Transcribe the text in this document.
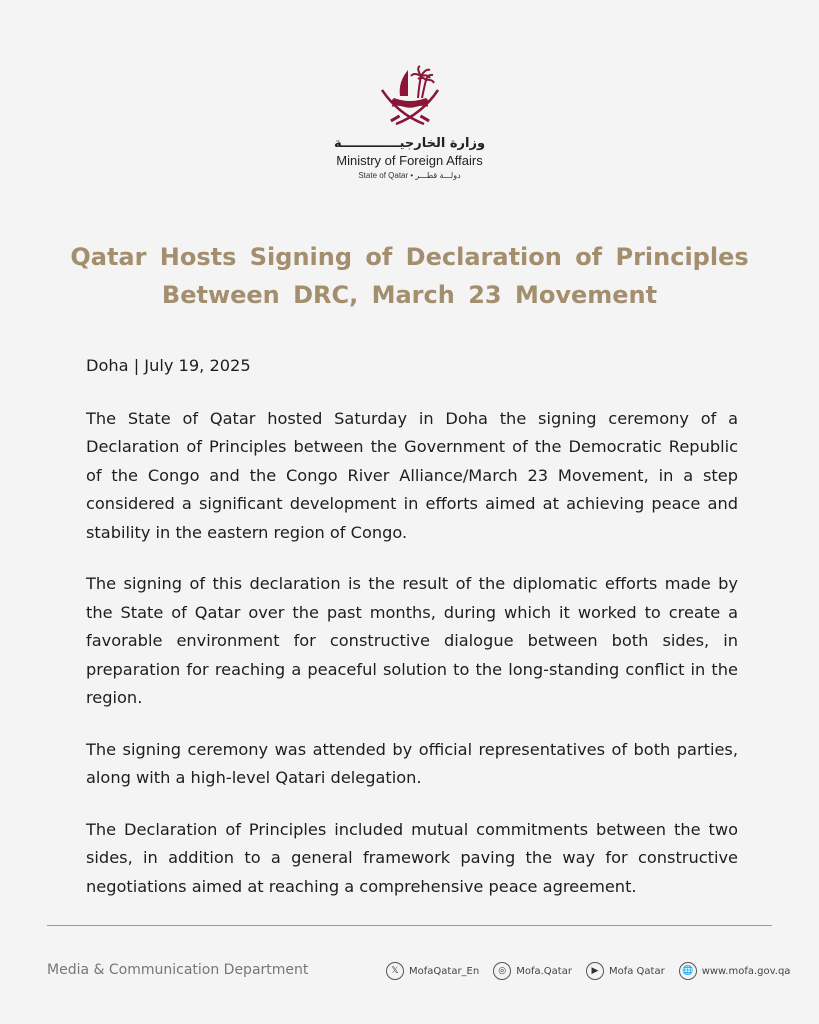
وزارة الخارجيـــــــــــــة
Ministry of Foreign Affairs
State of Qatar • دولـــة قطـــر
Qatar Hosts Signing of Declaration of Principles
Between DRC, March 23 Movement

Doha | July 19, 2025

The State of Qatar hosted Saturday in Doha the signing ceremony of a Declaration of Principles between the Government of the Democratic Republic of the Congo and the Congo River Alliance/March 23 Movement, in a step considered a significant development in efforts aimed at achieving peace and stability in the eastern region of Congo.

The signing of this declaration is the result of the diplomatic efforts made by the State of Qatar over the past months, during which it worked to create a favorable environment for constructive dialogue between both sides, in preparation for reaching a peaceful solution to the long-standing conflict in the region.

The signing ceremony was attended by official representatives of both parties, along with a high-level Qatari delegation.

The Declaration of Principles included mutual commitments between the two sides, in addition to a general framework paving the way for constructive negotiations aimed at reaching a comprehensive peace agreement.

Media & Communication Department	𝕏	MofaQatar_En	◎	Mofa.Qatar	▶	Mofa Qatar	🌐 www.mofa.gov.qa
